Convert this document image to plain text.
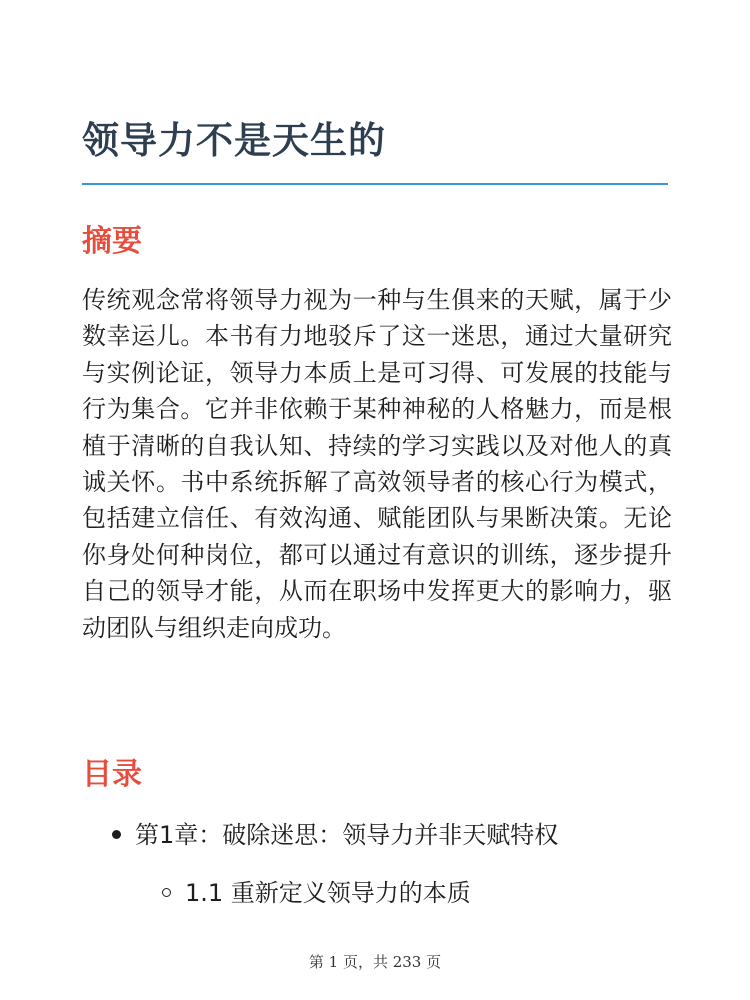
领导力不是天生的
摘要

传统观念常将领导力视为一种与生俱来的天赋，属于少数幸运儿。本书有力地驳斥了这一迷思，通过大量研究与实例论证，领导力本质上是可习得、可发展的技能与行为集合。它并非依赖于某种神秘的人格魅力，而是根植于清晰的自我认知、持续的学习实践以及对他人的真诚关怀。书中系统拆解了高效领导者的核心行为模式，包括建立信任、有效沟通、赋能团队与果断决策。无论你身处何种岗位，都可以通过有意识的训练，逐步提升自己的领导才能，从而在职场中发挥更大的影响力，驱动团队与组织走向成功。

目录
第1章：破除迷思：领导力并非天赋特权
1.1 重新定义领导力的本质
第 1 页，共 233 页
